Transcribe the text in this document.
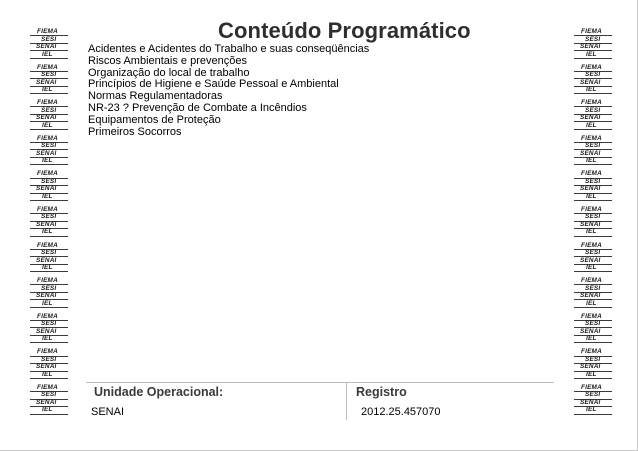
FIEMA
SESI
SENAI
IEL
FIEMA
SESI
SENAI
IEL
FIEMA
SESI
SENAI
IEL
FIEMA
SESI
SENAI
IEL
FIEMA
SESI
SENAI
IEL
FIEMA
SESI
SENAI
IEL
FIEMA
SESI
SENAI
IEL
FIEMA
SESI
SENAI
IEL
FIEMA
SESI
SENAI
IEL
FIEMA
SESI
SENAI
IEL
FIEMA
SESI
SENAI
IEL
FIEMA
SESI
SENAI
IEL
FIEMA
SESI
SENAI
IEL
FIEMA
SESI
SENAI
IEL
FIEMA
SESI
SENAI
IEL
FIEMA
SESI
SENAI
IEL
FIEMA
SESI
SENAI
IEL
FIEMA
SESI
SENAI
IEL
FIEMA
SESI
SENAI
IEL
FIEMA
SESI
SENAI
IEL
FIEMA
SESI
SENAI
IEL
FIEMA
SESI
SENAI
IEL
Conteúdo Programático
Acidentes e Acidentes do Trabalho e suas conseqüências
Riscos Ambientais e prevenções
Organização do local de trabalho
Princípios de Higiene e Saúde Pessoal e Ambiental
Normas Regulamentadoras
NR-23 ? Prevenção de Combate a Incêndios
Equipamentos de Proteção
Primeiros Socorros
Unidade Operacional:
SENAI
Registro
2012.25.457070
